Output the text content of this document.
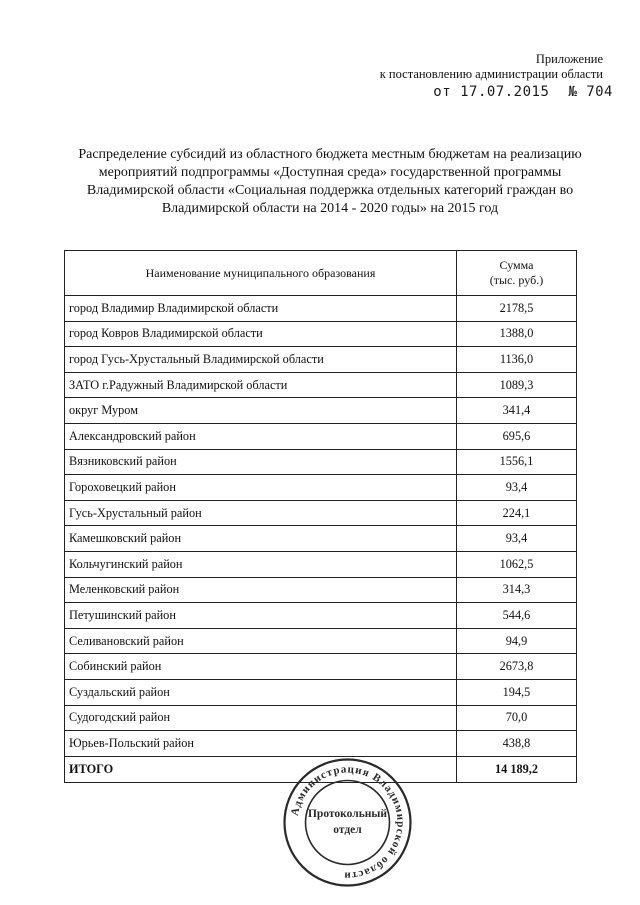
Приложение
к постановлению администрации области
от 17.07.2015 № 704
Распределение субсидий из областного бюджета местным бюджетам на реализацию мероприятий подпрограммы «Доступная среда» государственной программы Владимирской области «Социальная поддержка отдельных категорий граждан во Владимирской области на 2014 - 2020 годы» на 2015 год
Наименование муниципального образования	Сумма
(тыс. руб.)
город Владимир Владимирской области	2178,5
город Ковров Владимирской области	1388,0
город Гусь-Хрустальный Владимирской области	1136,0
ЗАТО г.Радужный Владимирской области	1089,3
округ Муром	341,4
Александровский район	695,6
Вязниковский район	1556,1
Гороховецкий район	93,4
Гусь-Хрустальный район	224,1
Камешковский район	93,4
Кольчугинский район	1062,5
Меленковский район	314,3
Петушинский район	544,6
Селивановский район	94,9
Собинский район	2673,8
Суздальский район	194,5
Судогодский район	70,0
Юрьев-Польский район	438,8
ИТОГО	14 189,2
Администрация Владимирской области
Протокольный
отдел
